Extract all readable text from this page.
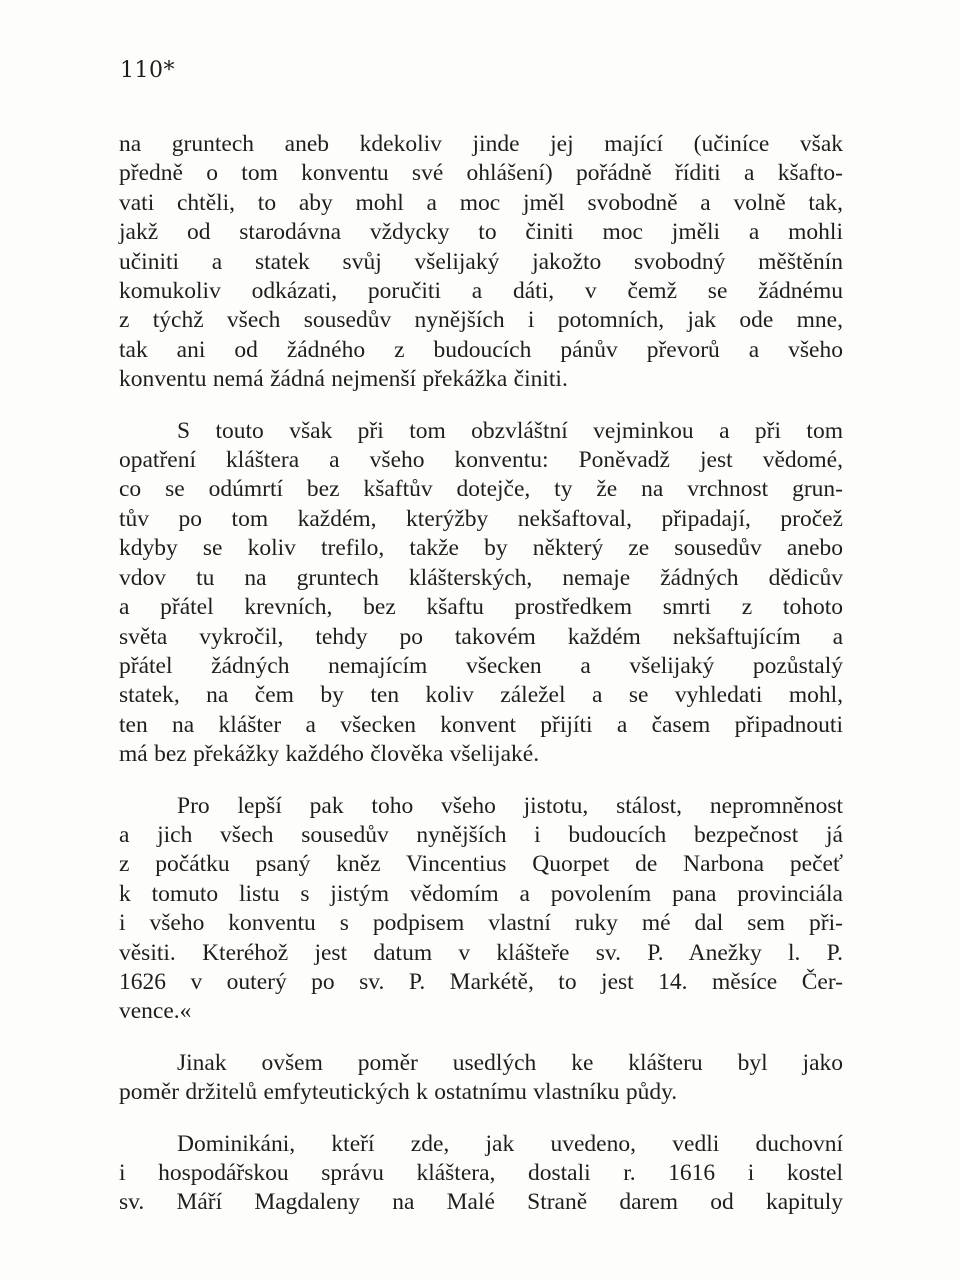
110*
na gruntech aneb kdekoliv jinde jej mající (učiníce však
předně o tom konventu své ohlášení) pořádně říditi a kšafto-
vati chtěli, to aby mohl a moc jměl svobodně a volně tak,
jakž od starodávna vždycky to činiti moc jměli a mohli
učiniti a statek svůj všelijaký jakožto svobodný měštěnín
komukoliv odkázati, poručiti a dáti, v čemž se žádnému
z týchž všech sousedův nynějších i potomních, jak ode mne,
tak ani od žádného z budoucích pánův převorů a všeho
konventu nemá žádná nejmenší překážka činiti.
S touto však při tom obzvláštní vejminkou a při tom
opatření kláštera a všeho konventu: Poněvadž jest vědomé,
co se odúmrtí bez kšaftův dotejče, ty že na vrchnost grun-
tův po tom každém, kterýžby nekšaftoval, připadají, pročež
kdyby se koliv trefilo, takže by některý ze sousedův anebo
vdov tu na gruntech klášterských, nemaje žádných dědicův
a přátel krevních, bez kšaftu prostředkem smrti z tohoto
světa vykročil, tehdy po takovém každém nekšaftujícím a
přátel žádných nemajícím všecken a všelijaký pozůstalý
statek, na čem by ten koliv záležel a se vyhledati mohl,
ten na klášter a všecken konvent přijíti a časem připadnouti
má bez překážky každého člověka všelijaké.
Pro lepší pak toho všeho jistotu, stálost, nepromněnost
a jich všech sousedův nynějších i budoucích bezpečnost já
z počátku psaný kněz Vincentius Quorpet de Narbona pečeť
k tomuto listu s jistým vědomím a povolením pana provinciála
i všeho konventu s podpisem vlastní ruky mé dal sem při-
věsiti. Kteréhož jest datum v klášteře sv. P. Anežky l. P.
1626 v outerý po sv. P. Markétě, to jest 14. měsíce Čer-
vence.«
Jinak ovšem poměr usedlých ke klášteru byl jako
poměr držitelů emfyteutických k ostatnímu vlastníku půdy.
Dominikáni, kteří zde, jak uvedeno, vedli duchovní
i hospodářskou správu kláštera, dostali r. 1616 i kostel
sv. Máří Magdaleny na Malé Straně darem od kapituly
